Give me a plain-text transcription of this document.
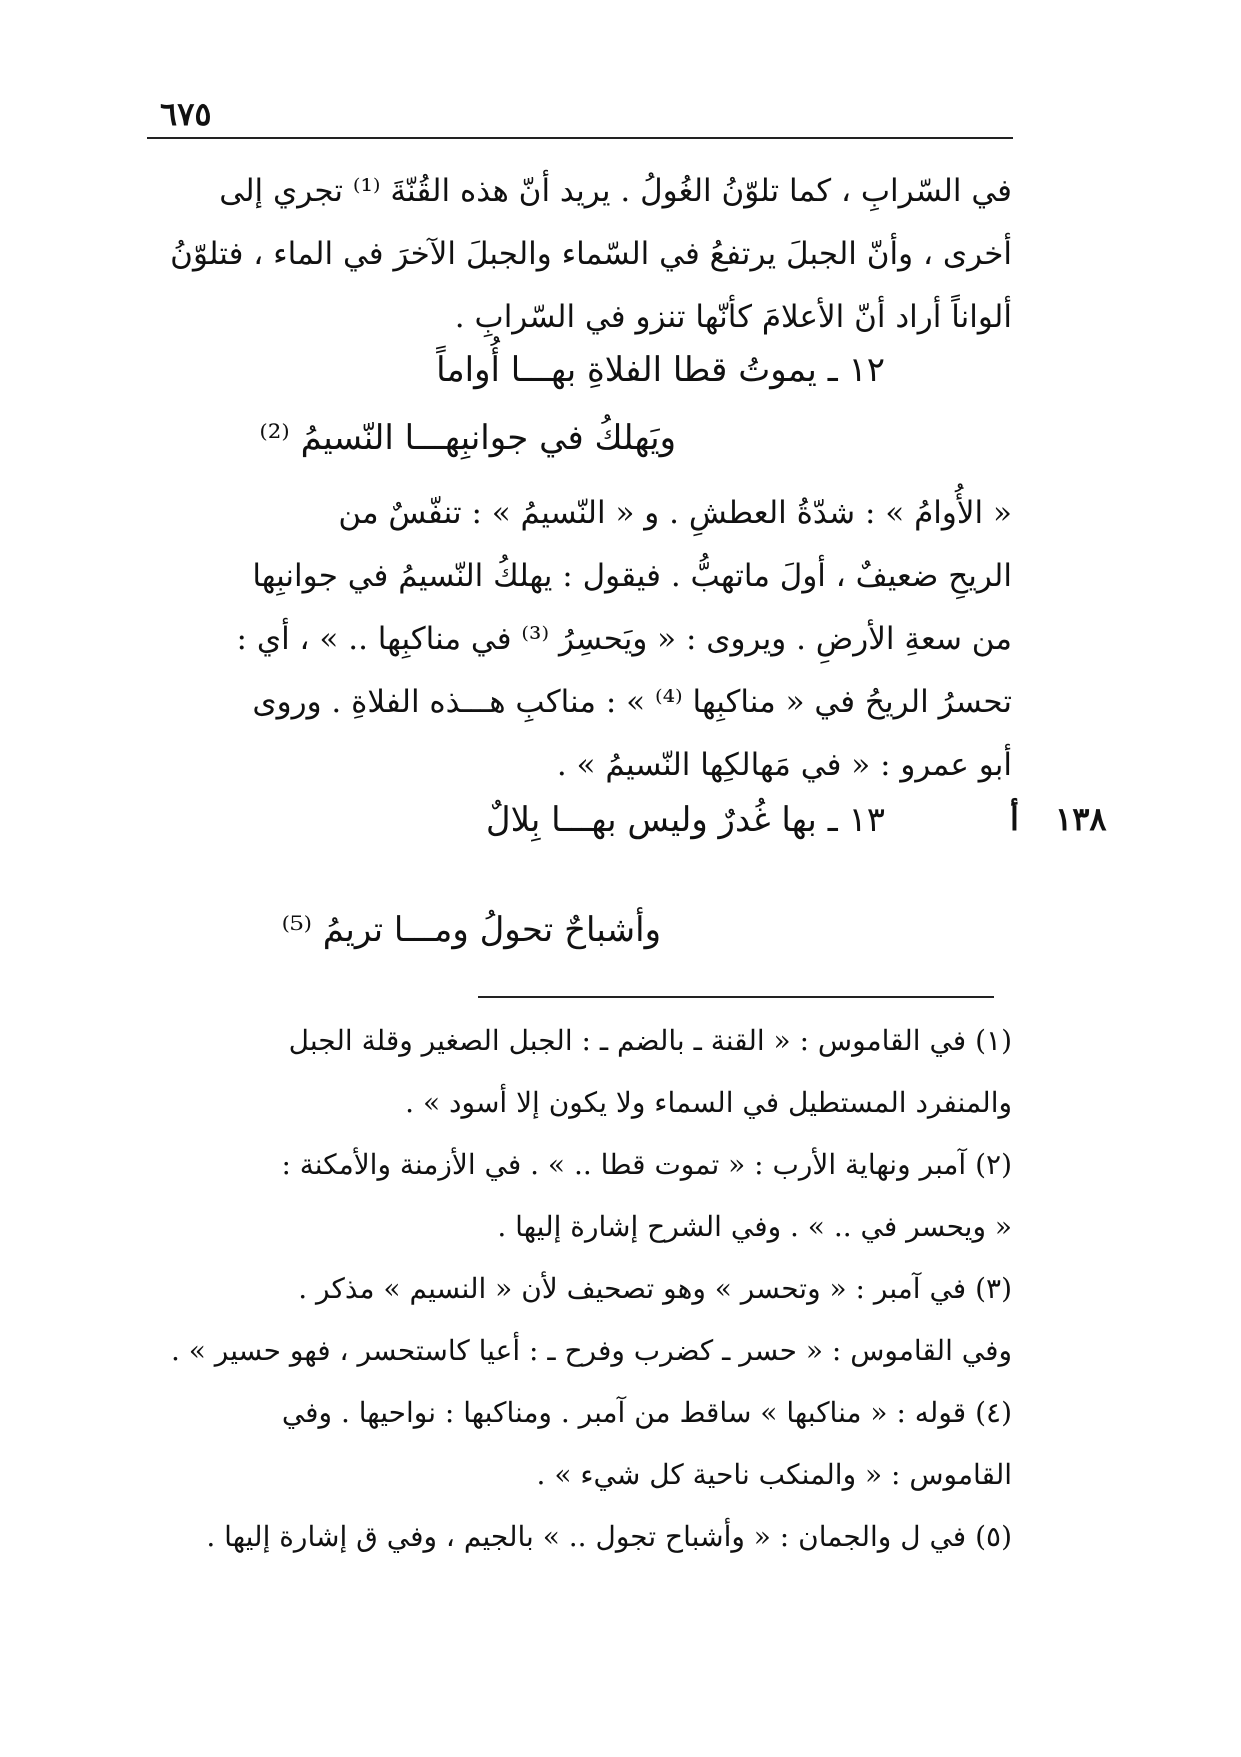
٦٧٥

في السّرابِ ، كما تلوّنُ الغُولُ . يريد أنّ هذه القُنّةَ ⁽¹⁾ تجري إلى

أخرى ، وأنّ الجبلَ يرتفعُ في السّماء والجبلَ الآخرَ في الماء ، فتلوّنُ

ألواناً أراد أنّ الأعلامَ كأنّها تنزو في السّرابِ .

١٢ ـ يموتُ قطا الفلاةِ بهـــا أُواماً
ويَهلكُ في جوانبِهـــا النّسيمُ ⁽²⁾

« الأُوامُ » : شدّةُ العطشِ . و « النّسيمُ » : تنفّسٌ من

الريحِ ضعيفٌ ، أولَ ماتهبُّ . فيقول : يهلكُ النّسيمُ في جوانبِها

من سعةِ الأرضِ . ويروى : « ويَحسِرُ ⁽³⁾ في مناكبِها .. » ، أي :

تحسرُ الريحُ في « مناكبِها ⁽⁴⁾ » : مناكبِ هـــذه الفلاةِ . وروى

أبو عمرو : « في مَهالكِها النّسيمُ » .

١٣٨
أ
١٣ ـ بها غُدرٌ وليس بهـــا بِلالٌ
وأشباحٌ تحولُ ومـــا تريمُ ⁽⁵⁾

(١) في القاموس : « القنة ـ بالضم ـ : الجبل الصغير وقلة الجبل

والمنفرد المستطيل في السماء ولا يكون إلا أسود » .

(٢) آمبر ونهاية الأرب : « تموت قطا .. » . في الأزمنة والأمكنة :

« ويحسر في .. » . وفي الشرح إشارة إليها .

(٣) في آمبر : « وتحسر » وهو تصحيف لأن « النسيم » مذكر .

وفي القاموس : « حسر ـ كضرب وفرح ـ : أعيا كاستحسر ، فهو حسير » .

(٤) قوله : « مناكبها » ساقط من آمبر . ومناكبها : نواحيها . وفي

القاموس : « والمنكب ناحية كل شيء » .

(٥) في ل والجمان : « وأشباح تجول .. » بالجيم ، وفي ق إشارة إليها .
